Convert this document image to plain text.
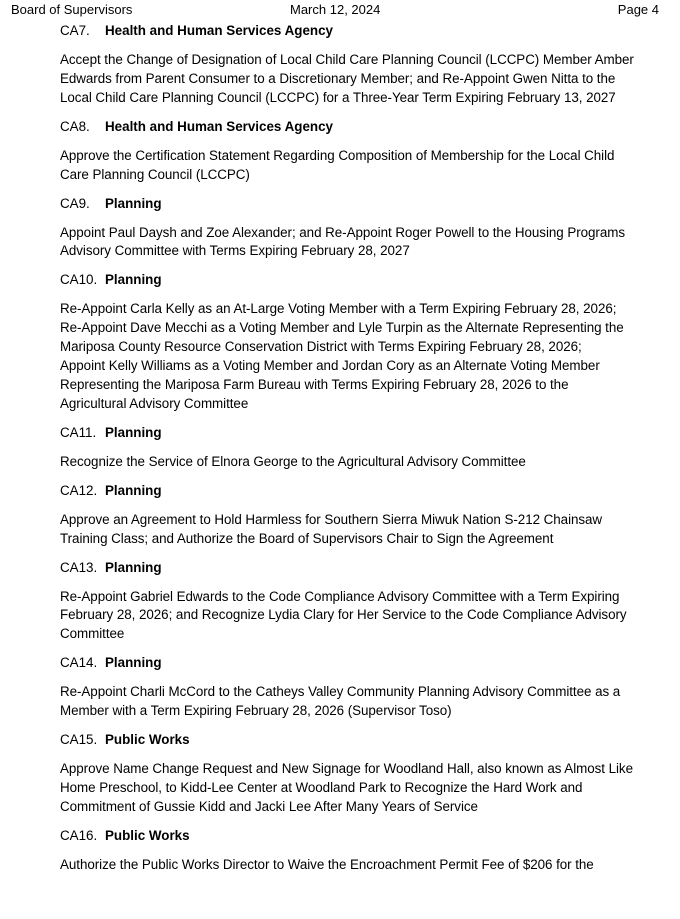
Board of Supervisors	March 12, 2024	Page 4
CA7. Health and Human Services Agency
Accept the Change of Designation of Local Child Care Planning Council (LCCPC) Member Amber
Edwards from Parent Consumer to a Discretionary Member; and Re-Appoint Gwen Nitta to the
Local Child Care Planning Council (LCCPC) for a Three-Year Term Expiring February 13, 2027
CA8. Health and Human Services Agency
Approve the Certification Statement Regarding Composition of Membership for the Local Child
Care Planning Council (LCCPC)
CA9. Planning
Appoint Paul Daysh and Zoe Alexander; and Re-Appoint Roger Powell to the Housing Programs
Advisory Committee with Terms Expiring February 28, 2027
CA10. Planning
Re-Appoint Carla Kelly as an At-Large Voting Member with a Term Expiring February 28, 2026;
Re-Appoint Dave Mecchi as a Voting Member and Lyle Turpin as the Alternate Representing the
Mariposa County Resource Conservation District with Terms Expiring February 28, 2026;
Appoint Kelly Williams as a Voting Member and Jordan Cory as an Alternate Voting Member
Representing the Mariposa Farm Bureau with Terms Expiring February 28, 2026 to the
Agricultural Advisory Committee
CA11. Planning
Recognize the Service of Elnora George to the Agricultural Advisory Committee
CA12. Planning
Approve an Agreement to Hold Harmless for Southern Sierra Miwuk Nation S-212 Chainsaw
Training Class; and Authorize the Board of Supervisors Chair to Sign the Agreement
CA13. Planning
Re-Appoint Gabriel Edwards to the Code Compliance Advisory Committee with a Term Expiring
February 28, 2026; and Recognize Lydia Clary for Her Service to the Code Compliance Advisory
Committee
CA14. Planning
Re-Appoint Charli McCord to the Catheys Valley Community Planning Advisory Committee as a
Member with a Term Expiring February 28, 2026 (Supervisor Toso)
CA15. Public Works
Approve Name Change Request and New Signage for Woodland Hall, also known as Almost Like
Home Preschool, to Kidd-Lee Center at Woodland Park to Recognize the Hard Work and
Commitment of Gussie Kidd and Jacki Lee After Many Years of Service
CA16. Public Works
Authorize the Public Works Director to Waive the Encroachment Permit Fee of $206 for the
